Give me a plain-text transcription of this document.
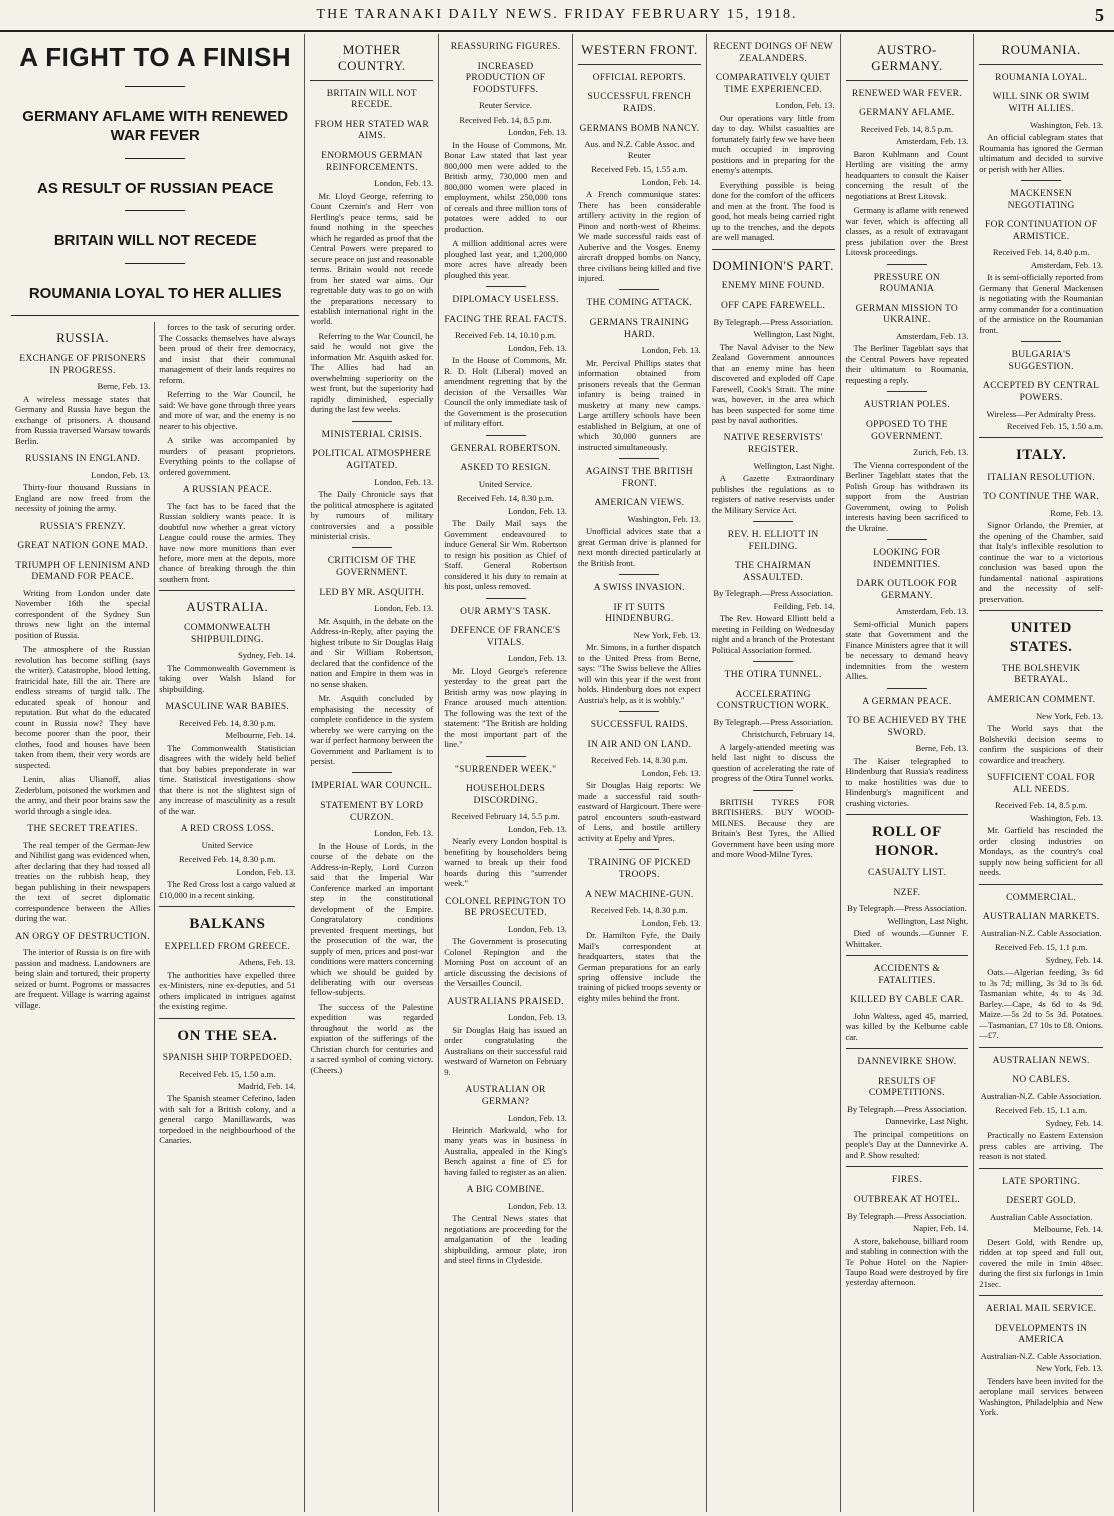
THE TARANAKI DAILY NEWS. FRIDAY FEBRUARY 15, 1918.	5
A FIGHT TO A FINISH
GERMANY AFLAME WITH RENEWED WAR FEVER
AS RESULT OF RUSSIAN PEACE
BRITAIN WILL NOT RECEDE
ROUMANIA LOYAL TO HER ALLIES
RUSSIA.
EXCHANGE OF PRISONERS IN PROGRESS.
Berne, Feb. 13.

A wireless message states that Germany and Russia have begun the exchange of prisoners. A thousand from Russia traversed Warsaw towards Berlin.

RUSSIANS IN ENGLAND.
London, Feb. 13.

Thirty-four thousand Russians in England are now freed from the necessity of joining the army.

RUSSIA'S FRENZY.
GREAT NATION GONE MAD.
TRIUMPH OF LENINISM AND DEMAND FOR PEACE.

Writing from London under date November 16th the special correspondent of the Sydney Sun throws new light on the internal position of Russia.

The atmosphere of the Russian revolution has become stifling (says the writer). Catastrophe, blood letting, fratricidal hate, fill the air. There are endless streams of turgid talk. The educated speak of honour and reputation. But what do the educated count in Russia now? They have become poorer than the poor, their clothes, food and houses have been taken from them, their very words are suspected.

Lenin, alias Ulianoff, alias Zederblum, poisoned the workmen and the army, and their poor brains saw the world through a single idea.

THE SECRET TREATIES.

The real temper of the German-Jew and Nihilist gang was evidenced when, after declaring that they had tossed all treaties on the rubbish heap, they began publishing in their newspapers the text of secret diplomatic correspondence between the Allies during the war.

AN ORGY OF DESTRUCTION.

The interior of Russia is on fire with passion and madness. Landowners are being slain and tortured, their property seized or burnt. Pogroms or massacres are frequent. Village is warring against village.

forces to the task of securing order. The Cossacks themselves have always been proud of their free democracy, and insist that their communal management of their lands requires no reform.

Referring to the War Council, he said: We have gone through three years and more of war, and the enemy is no nearer to his objective.

A strike was accompanied by murders of peasant proprietors. Everything points to the collapse of ordered government.

A RUSSIAN PEACE.

The fact has to be faced that the Russian soldiery wants peace. It is doubtful now whether a great victory League could rouse the armies. They have now more munitions than ever before, more men at the depots, more chance of breaking through the thin southern front.

AUSTRALIA.
COMMONWEALTH SHIPBUILDING.
Sydney, Feb. 14.

The Commonwealth Government is taking over Walsh Island for shipbuilding.

MASCULINE WAR BABIES.
Received Feb. 14, 8.30 p.m.
Melbourne, Feb. 14.

The Commonwealth Statistician disagrees with the widely held belief that boy babies preponderate in war time. Statistical investigations show that there is not the slightest sign of any increase of masculinity as a result of the war.

A RED CROSS LOSS.
United Service
Received Feb. 14, 8.30 p.m.
London, Feb. 13.

The Red Cross lost a cargo valued at £10,000 in a recent sinking.

BALKANS
EXPELLED FROM GREECE.
Athens, Feb. 13.

The authorities have expelled three ex-Ministers, nine ex-deputies, and 51 others implicated in intrigues against the existing regime.

ON THE SEA.
SPANISH SHIP TORPEDOED.
Received Feb. 15, 1.50 a.m.
Madrid, Feb. 14.

The Spanish steamer Ceferino, laden with salt for a British colony, and a general cargo Manillawards, was torpedoed in the neighbourhood of the Canaries.

MOTHER COUNTRY.
BRITAIN WILL NOT RECEDE.
FROM HER STATED WAR AIMS.
ENORMOUS GERMAN REINFORCEMENTS.
London, Feb. 13.

Mr. Lloyd George, referring to Count Czernin's and Herr von Hertling's peace terms, said he found nothing in the speeches which he regarded as proof that the Central Powers were prepared to secure peace on just and reasonable terms. Britain would not recede from her stated war aims. Our regrettable duty was to go on with the preparations necessary to establish international right in the world.

Referring to the War Council, he said he would not give the information Mr. Asquith asked for. The Allies had had an overwhelming superiority on the west front, but the superiority had rapidly diminished, especially during the last few weeks.

MINISTERIAL CRISIS.
POLITICAL ATMOSPHERE AGITATED.
London, Feb. 13.

The Daily Chronicle says that the political atmosphere is agitated by rumours of military controversies and a possible ministerial crisis.

CRITICISM OF THE GOVERNMENT.
LED BY MR. ASQUITH.
London, Feb. 13.

Mr. Asquith, in the debate on the Address-in-Reply, after paying the highest tribute to Sir Douglas Haig and Sir William Robertson, declared that the confidence of the nation and Empire in them was in no sense shaken.

Mr. Asquith concluded by emphasising the necessity of complete confidence in the system whereby we were carrying on the war if perfect harmony between the Government and Parliament is to persist.

IMPERIAL WAR COUNCIL.
STATEMENT BY LORD CURZON.
London, Feb. 13.

In the House of Lords, in the course of the debate on the Address-in-Reply, Lord Curzon said that the Imperial War Conference marked an important step in the constitutional development of the Empire. Congratulatory conditions prevented frequent meetings, but the prosecution of the war, the supply of men, prices and post-war conditions were matters concerning which we should be guided by deliberating with our overseas fellow-subjects.

The success of the Palestine expedition was regarded throughout the world as the expiation of the sufferings of the Christian church for centuries and a sacred symbol of coming victory. (Cheers.)

REASSURING FIGURES.
INCREASED PRODUCTION OF FOODSTUFFS.
Reuter Service.
Received Feb. 14, 8.5 p.m.
London, Feb. 13.

In the House of Commons, Mr. Bonar Law stated that last year 800,000 men were added to the British army, 730,000 men and 800,000 women were placed in employment, whilst 250,000 tons of cereals and three million tons of potatoes were added to our production.

A million additional acres were ploughed last year, and 1,200,000 more acres have already been ploughed this year.

DIPLOMACY USELESS.
FACING THE REAL FACTS.
Received Feb. 14, 10.10 p.m.
London, Feb. 13.

In the House of Commons, Mr. R. D. Holt (Liberal) moved an amendment regretting that by the decision of the Versailles War Council the only immediate task of the Government is the prosecution of military effort.

GENERAL ROBERTSON.
ASKED TO RESIGN.
United Service.
Received Feb. 14, 8.30 p.m.
London, Feb. 13.

The Daily Mail says the Government endeavoured to induce General Sir Wm. Robertson to resign his position as Chief of Staff. General Robertson considered it his duty to remain at his post, unless removed.

OUR ARMY'S TASK.
DEFENCE OF FRANCE'S VITALS.
London, Feb. 13.

Mr. Lloyd George's reference yesterday to the great part the British army was now playing in France aroused much attention. The following was the text of the statement: "The British are holding the most important part of the line."

"SURRENDER WEEK."
HOUSEHOLDERS DISCORDING.
Received February 14, 5.5 p.m.
London, Feb. 13.

Nearly every London hospital is benefiting by householders being warned to break up their food hoards during this "surrender week."

COLONEL REPINGTON TO BE PROSECUTED.
London, Feb. 13.

The Government is prosecuting Colonel Repington and the Morning Post on account of an article discussing the decisions of the Versailles Council.

AUSTRALIANS PRAISED.
London, Feb. 13.

Sir Douglas Haig has issued an order congratulating the Australians on their successful raid westward of Warneton on February 9.

AUSTRALIAN OR GERMAN?
London, Feb. 13.

Heinrich Markwald, who for many years was in business in Australia, appealed in the King's Bench against a fine of £5 for having failed to register as an alien.

A BIG COMBINE.
London, Feb. 13.

The Central News states that negotiations are proceeding for the amalgamation of the leading shipbuilding, armour plate, iron and steel firms in Clydeside.

WESTERN FRONT.
OFFICIAL REPORTS.
SUCCESSFUL FRENCH RAIDS.
GERMANS BOMB NANCY.
Aus. and N.Z. Cable Assoc. and Reuter
Received Feb. 15, 1.55 a.m.
London, Feb. 14.

A French communique states: There has been considerable artillery activity in the region of Pinon and north-west of Rheims. We made successful raids east of Auberive and the Vosges. Enemy aircraft dropped bombs on Nancy, three civilians being killed and five injured.

THE COMING ATTACK.
GERMANS TRAINING HARD.
London, Feb. 13.

Mr. Percival Phillips states that information obtained from prisoners reveals that the German infantry is being trained in musketry at many new camps. Large artillery schools have been established in Belgium, at one of which 30,000 gunners are instructed simultaneously.

AGAINST THE BRITISH FRONT.
AMERICAN VIEWS.
Washington, Feb. 13.

Unofficial advices state that a great German drive is planned for next month directed particularly at the British front.

A SWISS INVASION.
IF IT SUITS HINDENBURG.
New York, Feb. 13.

Mr. Simons, in a further dispatch to the United Press from Berne, says: "The Swiss believe the Allies will win this year if the west front holds. Hindenburg does not expect Austria's help, as it is wobbly."

SUCCESSFUL RAIDS.
IN AIR AND ON LAND.
Received Feb. 14, 8.30 p.m.
London, Feb. 13.

Sir Douglas Haig reports: We made a successful raid south-eastward of Hargicourt. There were patrol encounters south-eastward of Lens, and hostile artillery activity at Epehy and Ypres.

TRAINING OF PICKED TROOPS.
A NEW MACHINE-GUN.
Received Feb. 14, 8.30 p.m.
London, Feb. 13.

Dr. Hamilton Fyfe, the Daily Mail's correspondent at headquarters, states that the German preparations for an early spring offensive include the training of picked troops seventy or eighty miles behind the front.

RECENT DOINGS OF NEW ZEALANDERS.
COMPARATIVELY QUIET TIME EXPERIENCED.
London, Feb. 13.

Our operations vary little from day to day. Whilst casualties are fortunately fairly few we have been much occupied in improving positions and in preparing for the enemy's attempts.

Everything possible is being done for the comfort of the officers and men at the front. The food is good, hot meals being carried right up to the trenches, and the depots are well managed.

DOMINION'S PART.
ENEMY MINE FOUND.
OFF CAPE FAREWELL.
By Telegraph.—Press Association.
Wellington, Last Night.

The Naval Adviser to the New Zealand Government announces that an enemy mine has been discovered and exploded off Cape Farewell, Cook's Strait. The mine was, however, in the area which has been suspected for some time past by naval authorities.

NATIVE RESERVISTS' REGISTER.
Wellington, Last Night.

A Gazette Extraordinary publishes the regulations as to registers of native reservists under the Military Service Act.

REV. H. ELLIOTT IN FEILDING.
THE CHAIRMAN ASSAULTED.
By Telegraph.—Press Association.
Feilding, Feb. 14.

The Rev. Howard Elliott held a meeting in Feilding on Wednesday night and a branch of the Protestant Political Association formed.

THE OTIRA TUNNEL.
ACCELERATING CONSTRUCTION WORK.
By Telegraph.—Press Association.
Christchurch, February 14.

A largely-attended meeting was held last night to discuss the question of accelerating the rate of progress of the Otira Tunnel works.

BRITISH TYRES FOR BRITISHERS. BUY WOOD-MILNES. Because they are Britain's Best Tyres, the Allied Government have been using more and more Wood-Milne Tyres.

AUSTRO-GERMANY.
RENEWED WAR FEVER.
GERMANY AFLAME.
Received Feb. 14, 8.5 p.m.
Amsterdam, Feb. 13.

Baron Kuhlmann and Count Hertling are visiting the army headquarters to consult the Kaiser concerning the result of the negotiations at Brest Litovsk.

Germany is aflame with renewed war fever, which is affecting all classes, as a result of extravagant press jubilation over the Brest Litovsk proceedings.

PRESSURE ON ROUMANIA
GERMAN MISSION TO UKRAINE.
Amsterdam, Feb. 13.

The Berliner Tageblatt says that the Central Powers have repeated their ultimatum to Roumania, requesting a reply.

AUSTRIAN POLES.
OPPOSED TO THE GOVERNMENT.
Zurich, Feb. 13.

The Vienna correspondent of the Berliner Tageblatt states that the Polish Group has withdrawn its support from the Austrian Government, owing to Polish interests having been sacrificed to the Ukraine.

LOOKING FOR INDEMNITIES.
DARK OUTLOOK FOR GERMANY.
Amsterdam, Feb. 13.

Semi-official Munich papers state that Government and the Finance Ministers agree that it will be necessary to demand heavy indemnities from the western Allies.

A GERMAN PEACE.
TO BE ACHIEVED BY THE SWORD.
Berne, Feb. 13.

The Kaiser telegraphed to Hindenburg that Russia's readiness to make hostilities was due to Hindenburg's magnificent and crushing victories.

ROLL OF HONOR.
CASUALTY LIST.
NZEF.
By Telegraph.—Press Association.
Wellington, Last Night.

Died of wounds.—Gunner F. Whittaker.

ACCIDENTS & FATALITIES.
KILLED BY CABLE CAR.

John Waltess, aged 45, married, was killed by the Kelburne cable car.

DANNEVIRKE SHOW.
RESULTS OF COMPETITIONS.
By Telegraph.—Press Association.
Dannevirke, Last Night.

The principal competitions on people's Day at the Dannevirke A. and P. Show resulted:

FIRES.
OUTBREAK AT HOTEL.
By Telegraph.—Press Association.
Napier, Feb. 14.

A store, bakehouse, billiard room and stabling in connection with the Te Pohue Hotel on the Napier-Taupo Road were destroyed by fire yesterday afternoon.

ROUMANIA.
ROUMANIA LOYAL.
WILL SINK OR SWIM WITH ALLIES.
Washington, Feb. 13.

An official cablegram states that Roumania has ignored the German ultimatum and decided to survive or perish with her Allies.

MACKENSEN NEGOTIATING
FOR CONTINUATION OF ARMISTICE.
Received Feb. 14, 8.40 p.m.
Amsterdam, Feb. 13.

It is semi-officially reported from Germany that General Mackensen is negotiating with the Roumanian army commander for a continuation of the armistice on the Roumanian front.

BULGARIA'S SUGGESTION.
ACCEPTED BY CENTRAL POWERS.
Wireless—Per Admiralty Press.
Received Feb. 15, 1.50 a.m.
ITALY.
ITALIAN RESOLUTION.
TO CONTINUE THE WAR.
Rome, Feb. 13.

Signor Orlando, the Premier, at the opening of the Chamber, said that Italy's inflexible resolution to continue the war to a victorious conclusion was based upon the fundamental national aspirations and the necessity of self-preservation.

UNITED STATES.
THE BOLSHEVIK BETRAYAL.
AMERICAN COMMENT.
New York, Feb. 13.

The World says that the Bolsheviki decision seems to confirm the suspicions of their cowardice and treachery.

SUFFICIENT COAL FOR ALL NEEDS.
Received Feb. 14, 8.5 p.m.
Washington, Feb. 13.

Mr. Garfield has rescinded the order closing industries on Mondays, as the country's coal supply now being sufficient for all needs.

COMMERCIAL.
AUSTRALIAN MARKETS.
Australian-N.Z. Cable Association.
Received Feb. 15, 1.1 p.m.
Sydney, Feb. 14.

Oats.—Algerian feeding, 3s 6d to 3s 7d; milling, 3s 3d to 3s 6d. Tasmanian white, 4s to 4s 3d. Barley.—Cape, 4s 6d to 4s 9d. Maize.—5s 2d to 5s 3d. Potatoes.—Tasmanian, £7 10s to £8. Onions.—£7.

AUSTRALIAN NEWS.
NO CABLES.
Australian-N.Z. Cable Association.
Received Feb. 15, 1.1 a.m.
Sydney, Feb. 14.

Practically no Eastern Extension press cables are arriving. The reason is not stated.

LATE SPORTING.
DESERT GOLD.
Australian Cable Association.
Melbourne, Feb. 14.

Desert Gold, with Rendre up, ridden at top speed and full out, covered the mile in 1min 48sec. during the first six furlongs in 1min 21sec.

AERIAL MAIL SERVICE.
DEVELOPMENTS IN AMERICA
Australian-N.Z. Cable Association.
New York, Feb. 13.

Tenders have been invited for the aeroplane mail services between Washington, Philadelphia and New York.
